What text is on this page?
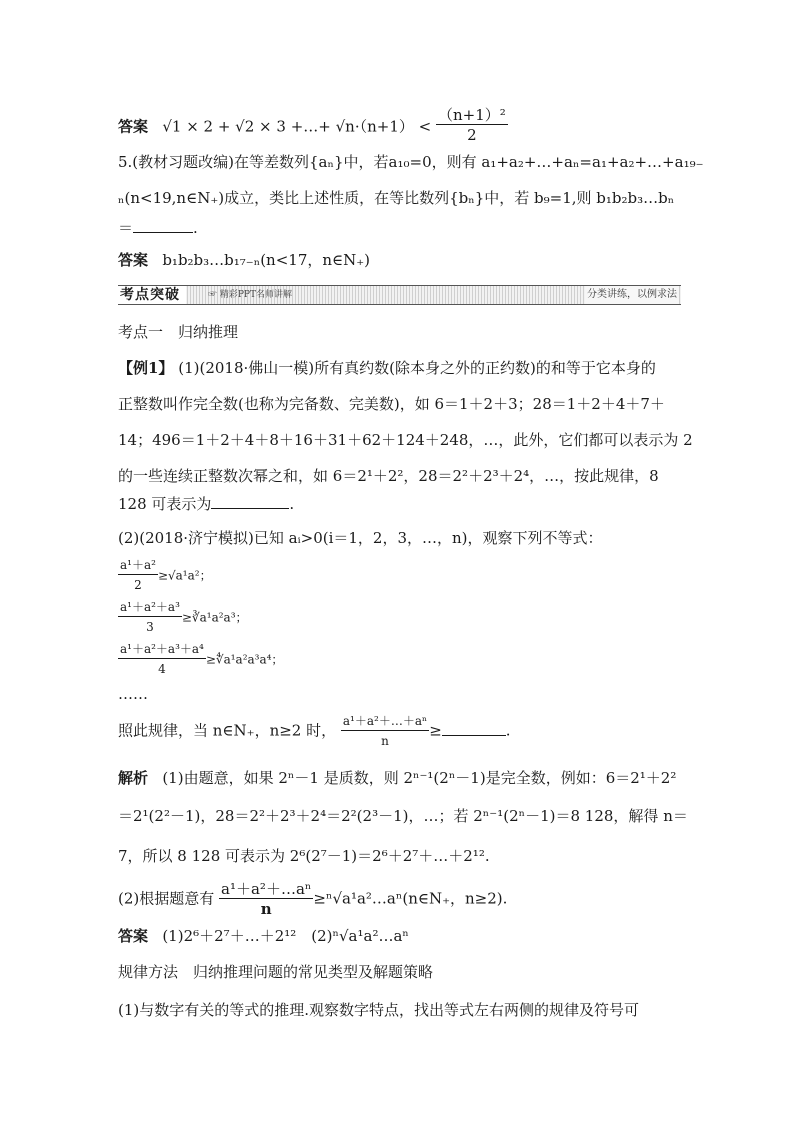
答案 √1 × 2 + √2 × 3 +…+ $√n\cdot(n+1) < \frac{\text{（n+1）²}}{2}$
5.(教材习题改编)在等差数列{aₙ}中，若a₁₀=0，则有 a₁+a₂+…+aₙ=a₁+a₂+…+a₁₉₋
ₙ(n<19,n∈N₊)成立，类比上述性质，在等比数列{bₙ}中，若 b₉=1,则 b₁b₂b₃…bₙ
＝	.
答案 b₁b₂b₃…b₁₇₋ₙ(n<17，n∈N₊)
考点突破	☞ 精彩PPT名师讲解	分类讲练，以例求法
考点一　归纳推理
【例1】 (1)(2018·佛山一模)所有真约数(除本身之外的正约数)的和等于它本身的
正整数叫作完全数(也称为完备数、完美数)，如 6＝1＋2＋3；28＝1＋2＋4＋7＋
14；496＝1＋2＋4＋8＋16＋31＋62＋124＋248，…，此外，它们都可以表示为 2
的一些连续正整数次幂之和，如 6＝2¹＋2²，28＝2²＋2³＋2⁴，…，按此规律，8
128 可表示为	.
(2)(2018·济宁模拟)已知 aᵢ>0(i＝1，2，3，…，n)，观察下列不等式：
$\frac{\text{a¹＋a²}}{2} \ge√a^1a^2$；
$\frac{\text{a¹＋a²＋a³}}{3}$ ≥∛a¹a²a³；
$\frac{\text{a¹＋a²＋a³＋a⁴}}{4}$ ≥∜a¹a²a³a⁴；
……
照此规律，当 n∈N₊，n≥2 时， $\frac{\text{a¹＋a²＋…＋aⁿ}}{n}$ ≥	.
解析 (1)由题意，如果 2ⁿ－1 是质数，则 2ⁿ⁻¹(2ⁿ－1)是完全数，例如：6＝2¹＋2²
＝2¹(2²－1)，28＝2²＋2³＋2⁴＝2²(2³－1)，…；若 2ⁿ⁻¹(2ⁿ－1)＝8 128，解得 n＝
7，所以 8 128 可表示为 2⁶(2⁷－1)＝2⁶＋2⁷＋…＋2¹².
(2)根据题意有 $\frac{\text{a¹＋a²＋…aⁿ}}{n}$ ≥ⁿ√a¹a²…aⁿ(n∈N₊，n≥2).
答案 (1)2⁶＋2⁷＋…＋2¹²　(2)ⁿ√a¹a²…aⁿ
规律方法　归纳推理问题的常见类型及解题策略
(1)与数字有关的等式的推理.观察数字特点，找出等式左右两侧的规律及符号可
